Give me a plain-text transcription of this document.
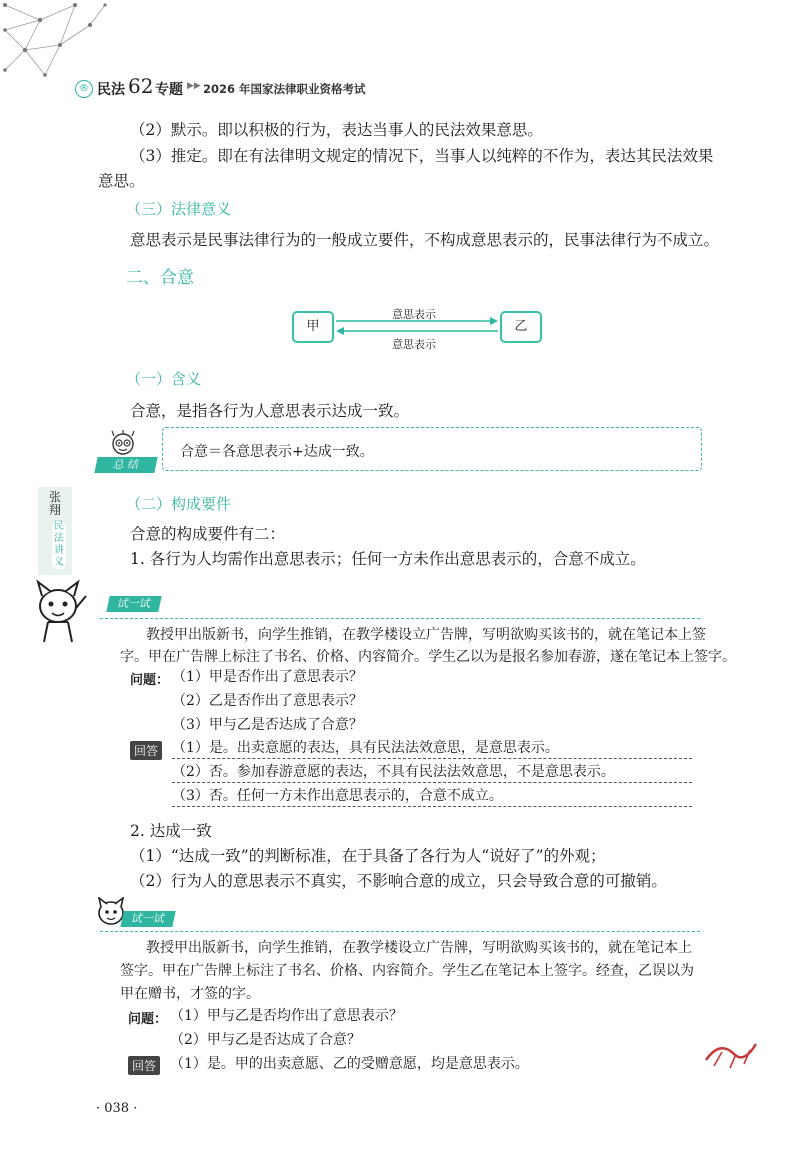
® 民法 62 专题 ▶▶ 2026 年国家法律职业资格考试
（2）默示。即以积极的行为，表达当事人的民法效果意思。
（3）推定。即在有法律明文规定的情况下，当事人以纯粹的不作为，表达其民法效果
意思。
（三）法律意义
意思表示是民事法律行为的一般成立要件，不构成意思表示的，民事法律行为不成立。
二、合意
甲	乙
意思表示
意思表示
（一）含义
合意，是指各行为人意思表示达成一致。
总 结
合意＝各意思表示+达成一致。
张翔
民法讲义
（二）构成要件
合意的构成要件有二：
1. 各行为人均需作出意思表示；任何一方未作出意思表示的，合意不成立。
试一试
教授甲出版新书，向学生推销，在教学楼设立广告牌，写明欲购买该书的，就在笔记本上签
字。甲在广告牌上标注了书名、价格、内容简介。学生乙以为是报名参加春游，遂在笔记本上签字。
问题： （1）甲是否作出了意思表示？
（2）乙是否作出了意思表示？
（3）甲与乙是否达成了合意？
回答 （1）是。出卖意愿的表达，具有民法法效意思，是意思表示。
（2）否。参加春游意愿的表达，不具有民法法效意思，不是意思表示。
（3）否。任何一方未作出意思表示的，合意不成立。
2. 达成一致
（1）“达成一致”的判断标准，在于具备了各行为人“说好了”的外观；
（2）行为人的意思表示不真实，不影响合意的成立，只会导致合意的可撤销。
试一试
教授甲出版新书，向学生推销，在教学楼设立广告牌，写明欲购买该书的，就在笔记本上
签字。甲在广告牌上标注了书名、价格、内容简介。学生乙在笔记本上签字。经查，乙误以为
甲在赠书，才签的字。
问题： （1）甲与乙是否均作出了意思表示？
（2）甲与乙是否达成了合意？
回答 （1）是。甲的出卖意愿、乙的受赠意愿，均是意思表示。
· 038 ·
